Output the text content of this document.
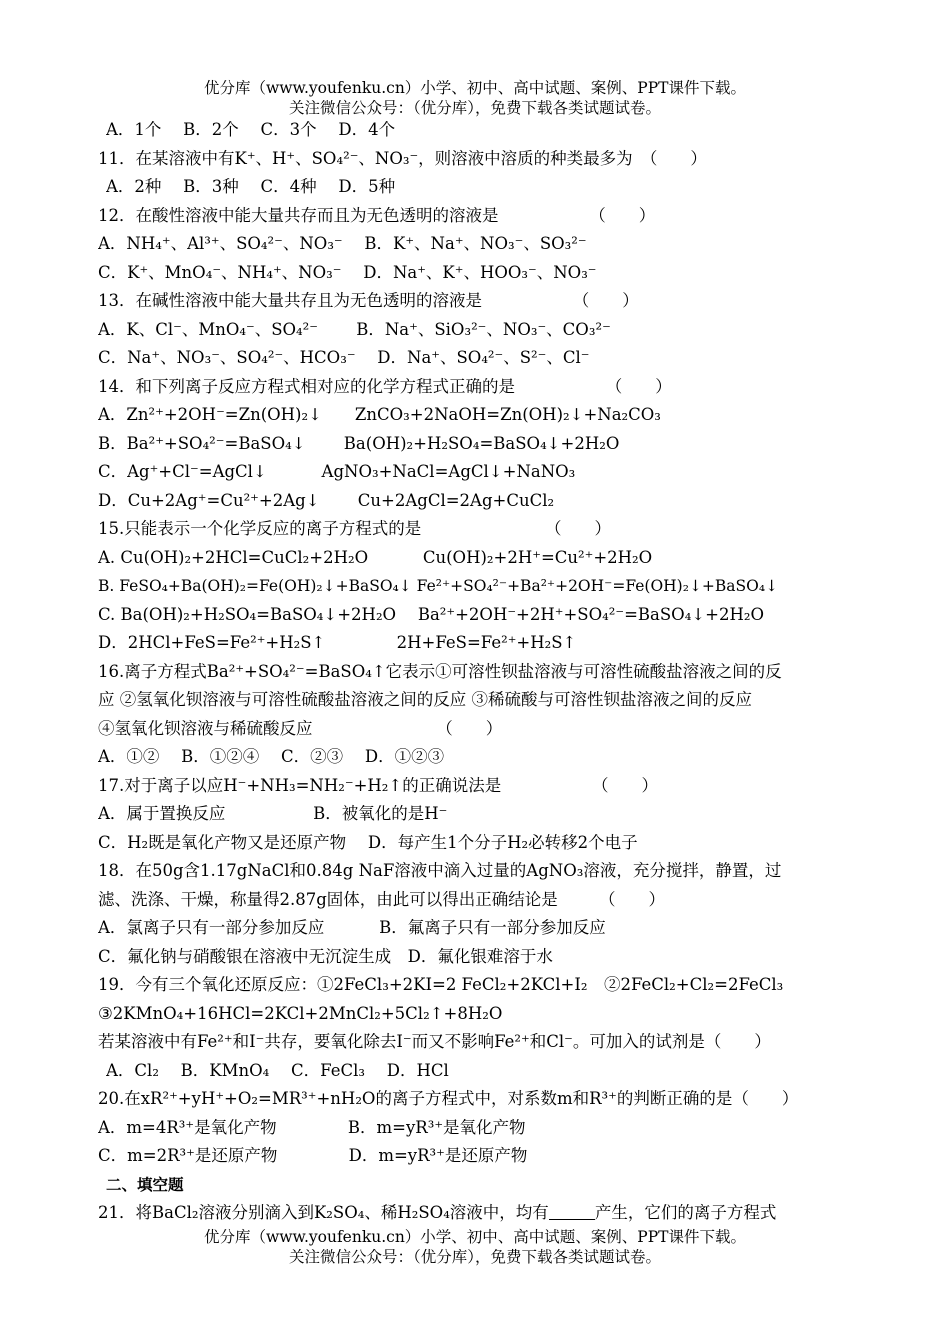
优分库（www.youfenku.cn）小学、初中、高中试题、案例、PPT课件下载。
关注微信公众号：（优分库），免费下载各类试题试卷。
A．1个　 B．2个　 C．3个　 D．4个
11．在某溶液中有K⁺、H⁺、SO₄²⁻、NO₃⁻，则溶液中溶质的种类最多为　（　　）
A．2种　 B．3种　 C．4种　 D．5种
12．在酸性溶液中能大量共存而且为无色透明的溶液是　　　　　　（　　）
A．NH₄⁺、Al³⁺、SO₄²⁻、NO₃⁻　 B．K⁺、Na⁺、NO₃⁻、SO₃²⁻
C．K⁺、MnO₄⁻、NH₄⁺、NO₃⁻　 D．Na⁺、K⁺、HOO₃⁻、NO₃⁻
13．在碱性溶液中能大量共存且为无色透明的溶液是　　　　　　（　　）
A．K、Cl⁻、MnO₄⁻、SO₄²⁻　　 B．Na⁺、SiO₃²⁻、NO₃⁻、CO₃²⁻
C．Na⁺、NO₃⁻、SO₄²⁻、HCO₃⁻　 D．Na⁺、SO₄²⁻、S²⁻、Cl⁻
14．和下列离子反应方程式相对应的化学方程式正确的是　　　　　　（　　）
A．Zn²⁺+2OH⁻=Zn(OH)₂↓　　ZnCO₃+2NaOH=Zn(OH)₂↓+Na₂CO₃
B．Ba²⁺+SO₄²⁻=BaSO₄↓　　 Ba(OH)₂+H₂SO₄=BaSO₄↓+2H₂O
C．Ag⁺+Cl⁻=AgCl↓　　　 AgNO₃+NaCl=AgCl↓+NaNO₃
D．Cu+2Ag⁺=Cu²⁺+2Ag↓　　 Cu+2AgCl=2Ag+CuCl₂
15.只能表示一个化学反应的离子方程式的是　　　　　　　　（　　）
A. Cu(OH)₂+2HCl=CuCl₂+2H₂O　　　 Cu(OH)₂+2H⁺=Cu²⁺+2H₂O
B. FeSO₄+Ba(OH)₂=Fe(OH)₂↓+BaSO₄↓ Fe²⁺+SO₄²⁻+Ba²⁺+2OH⁻=Fe(OH)₂↓+BaSO₄↓
C. Ba(OH)₂+H₂SO₄=BaSO₄↓+2H₂O　 Ba²⁺+2OH⁻+2H⁺+SO₄²⁻=BaSO₄↓+2H₂O
D．2HCl+FeS=Fe²⁺+H₂S↑　　　　 2H+FeS=Fe²⁺+H₂S↑
16.离子方程式Ba²⁺+SO₄²⁻=BaSO₄↑它表示①可溶性钡盐溶液与可溶性硫酸盐溶液之间的反
应 ②氢氧化钡溶液与可溶性硫酸盐溶液之间的反应 ③稀硫酸与可溶性钡盐溶液之间的反应
④氢氧化钡溶液与稀硫酸反应　　　　　　　　（　　）
A．①②　 B．①②④　 C．②③　 D．①②③
17.对于离子以应H⁻+NH₃=NH₂⁻+H₂↑的正确说法是　　　　　　（　　）
A．属于置换反应　　　　　 B．被氧化的是H⁻
C．H₂既是氧化产物又是还原产物　 D．每产生1个分子H₂必转移2个电子
18．在50g含1.17gNaCl和0.84g NaF溶液中滴入过量的AgNO₃溶液，充分搅拌，静置，过
滤、洗涤、干燥，称量得2.87g固体，由此可以得出正确结论是　　　（　　）
A．氯离子只有一部分参加反应　　　 B．氟离子只有一部分参加反应
C．氟化钠与硝酸银在溶液中无沉淀生成　D．氟化银难溶于水
19．今有三个氧化还原反应：①2FeCl₃+2KI=2 FeCl₂+2KCl+I₂　②2FeCl₂+Cl₂=2FeCl₃
③2KMnO₄+16HCl=2KCl+2MnCl₂+5Cl₂↑+8H₂O
若某溶液中有Fe²⁺和I⁻共存，要氧化除去I⁻而又不影响Fe²⁺和Cl⁻。可加入的试剂是（　　）
A．Cl₂　 B．KMnO₄　 C．FeCl₃　 D．HCl
20.在xR²⁺+yH⁺+O₂=MR³⁺+nH₂O的离子方程式中，对系数m和R³⁺的判断正确的是（　　）
A．m=4R³⁺是氧化产物　　　　 B．m=yR³⁺是氧化产物
C．m=2R³⁺是还原产物　　　　 D．m=yR³⁺是还原产物
二、填空题
21．将BaCl₂溶液分别滴入到K₂SO₄、稀H₂SO₄溶液中，均有	产生，它们的离子方程式
优分库（www.youfenku.cn）小学、初中、高中试题、案例、PPT课件下载。
关注微信公众号：（优分库），免费下载各类试题试卷。
